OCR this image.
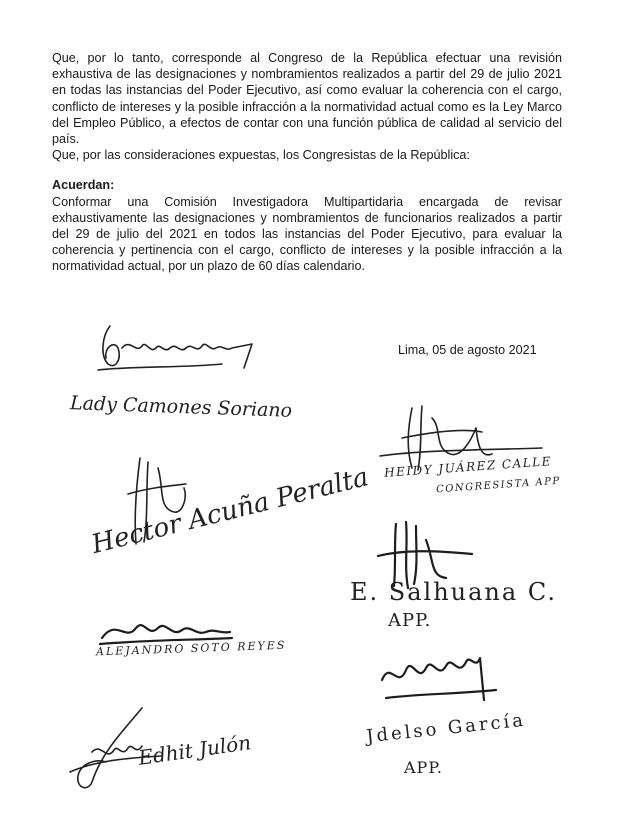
Que, por lo tanto, corresponde al Congreso de la República efectuar una revisión exhaustiva de las designaciones y nombramientos realizados a partir del 29 de julio 2021 en todas las instancias del Poder Ejecutivo, así como evaluar la coherencia con el cargo, conflicto de intereses y la posible infracción a la normatividad actual como es la Ley Marco del Empleo Público, a efectos de contar con una función pública de calidad al servicio del país.

Que, por las consideraciones expuestas, los Congresistas de la República:

Acuerdan:

Conformar una Comisión Investigadora Multipartidaria encargada de revisar exhaustivamente las designaciones y nombramientos de funcionarios realizados a partir del 29 de julio del 2021 en todos las instancias del Poder Ejecutivo, para evaluar la coherencia y pertinencia con el cargo, conflicto de intereses y la posible infracción a la normatividad actual, por un plazo de 60 días calendario.

Lima, 05 de agosto 2021
Lady Camones Soriano
HEIDY JUÁREZ CALLE
CONGRESISTA APP
Hector Acuña Peralta
E. Salhuana C.
APP.
ALEJANDRO SOTO REYES
Jdelso García
APP.
Edhit Julón
